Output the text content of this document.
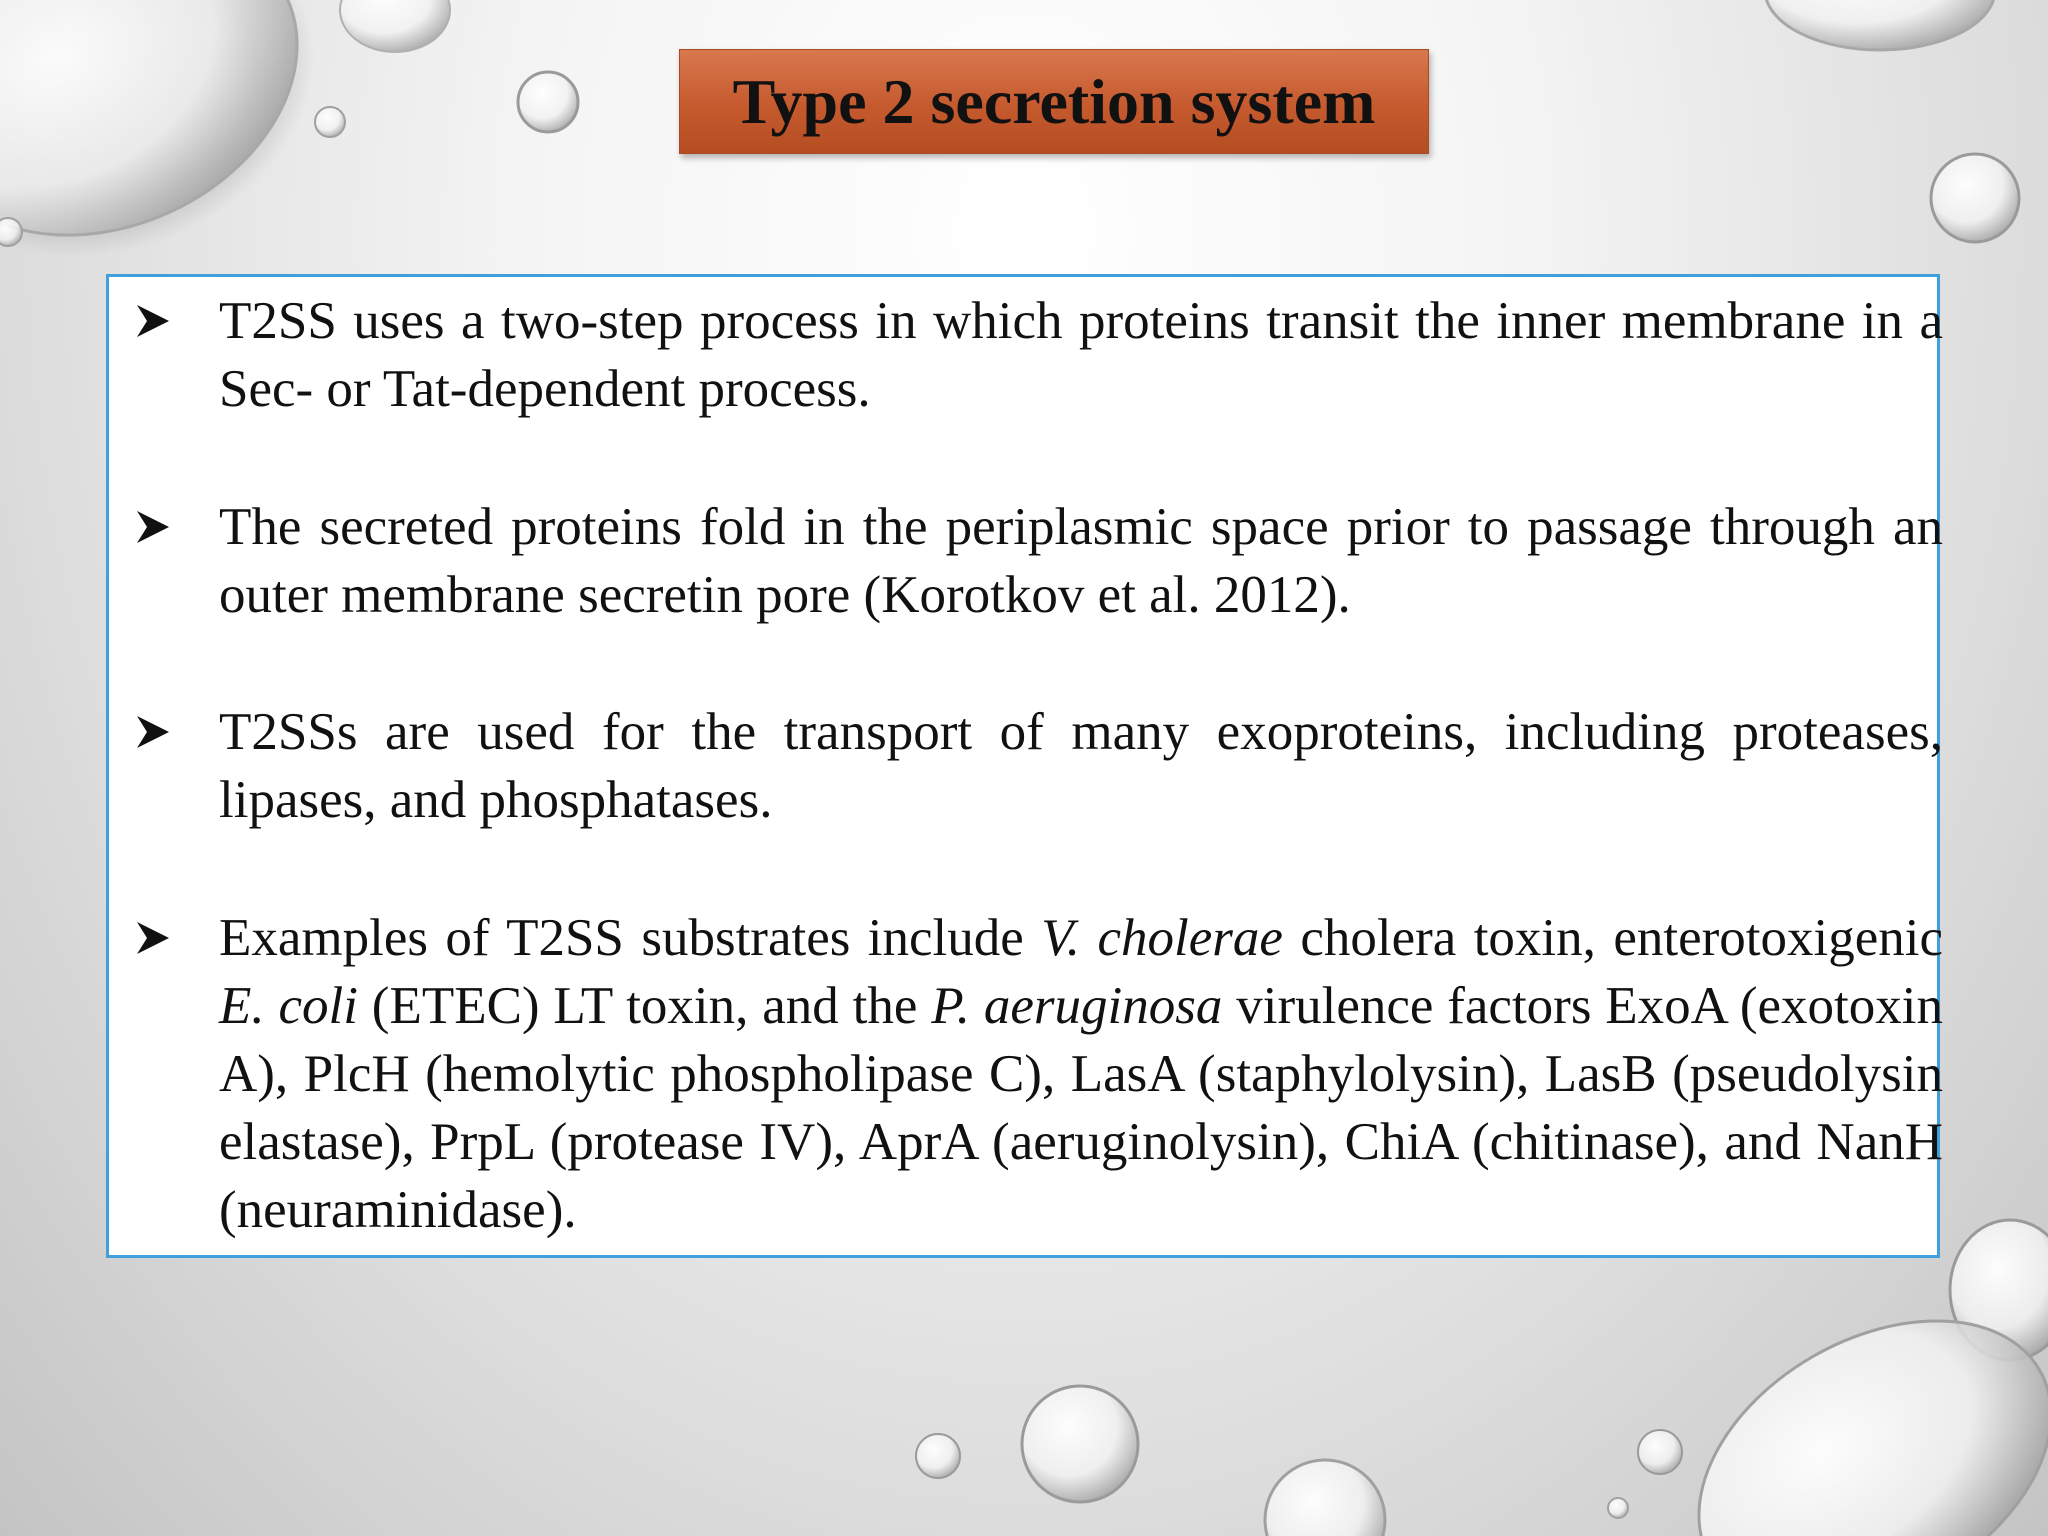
Type 2 secretion system
T2SS uses a two-step process in which proteins transit the inner membrane in a Sec- or Tat-dependent process.
The secreted proteins fold in the periplasmic space prior to passage through an outer membrane secretin pore (Korotkov et al. 2012).
T2SSs are used for the transport of many exoproteins, including proteases, lipases, and phosphatases.
Examples of T2SS substrates include V. cholerae cholera toxin, enterotoxigenic E. coli (ETEC) LT toxin, and the P. aeruginosa virulence factors ExoA (exotoxin A), PlcH (hemolytic phospholipase C), LasA (staphylolysin), LasB (pseudolysin elastase), PrpL (protease IV), AprA (aeruginolysin), ChiA (chitinase), and NanH (neuraminidase).
